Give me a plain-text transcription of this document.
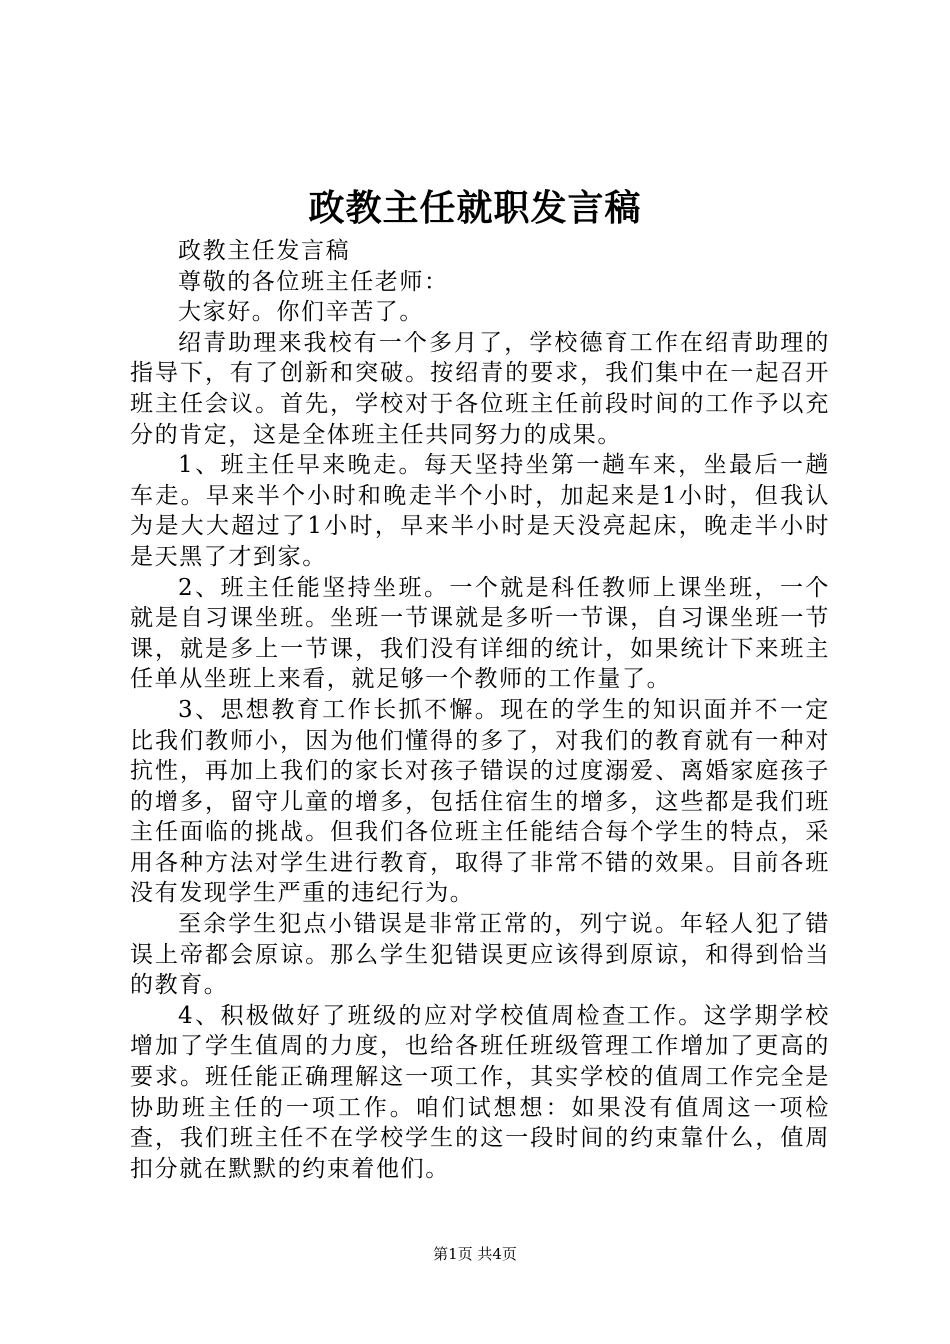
政教主任就职发言稿

政教主任发言稿

尊敬的各位班主任老师：

大家好。你们辛苦了。

绍青助理来我校有一个多月了，学校德育工作在绍青助理的指导下，有了创新和突破。按绍青的要求，我们集中在一起召开班主任会议。首先，学校对于各位班主任前段时间的工作予以充分的肯定，这是全体班主任共同努力的成果。

1、班主任早来晚走。每天坚持坐第一趟车来，坐最后一趟车走。早来半个小时和晚走半个小时，加起来是1小时，但我认为是大大超过了1小时，早来半小时是天没亮起床，晚走半小时是天黑了才到家。

2、班主任能坚持坐班。一个就是科任教师上课坐班，一个就是自习课坐班。坐班一节课就是多听一节课，自习课坐班一节课，就是多上一节课，我们没有详细的统计，如果统计下来班主任单从坐班上来看，就足够一个教师的工作量了。

3、思想教育工作长抓不懈。现在的学生的知识面并不一定比我们教师小，因为他们懂得的多了，对我们的教育就有一种对抗性，再加上我们的家长对孩子错误的过度溺爱、离婚家庭孩子的增多，留守儿童的增多，包括住宿生的增多，这些都是我们班主任面临的挑战。但我们各位班主任能结合每个学生的特点，采用各种方法对学生进行教育，取得了非常不错的效果。目前各班没有发现学生严重的违纪行为。

至余学生犯点小错误是非常正常的，列宁说。年轻人犯了错误上帝都会原谅。那么学生犯错误更应该得到原谅，和得到恰当的教育。

4、积极做好了班级的应对学校值周检查工作。这学期学校增加了学生值周的力度，也给各班任班级管理工作增加了更高的要求。班任能正确理解这一项工作，其实学校的值周工作完全是协助班主任的一项工作。咱们试想想：如果没有值周这一项检查，我们班主任不在学校学生的这一段时间的约束靠什么，值周扣分就在默默的约束着他们。

第1页 共4页
